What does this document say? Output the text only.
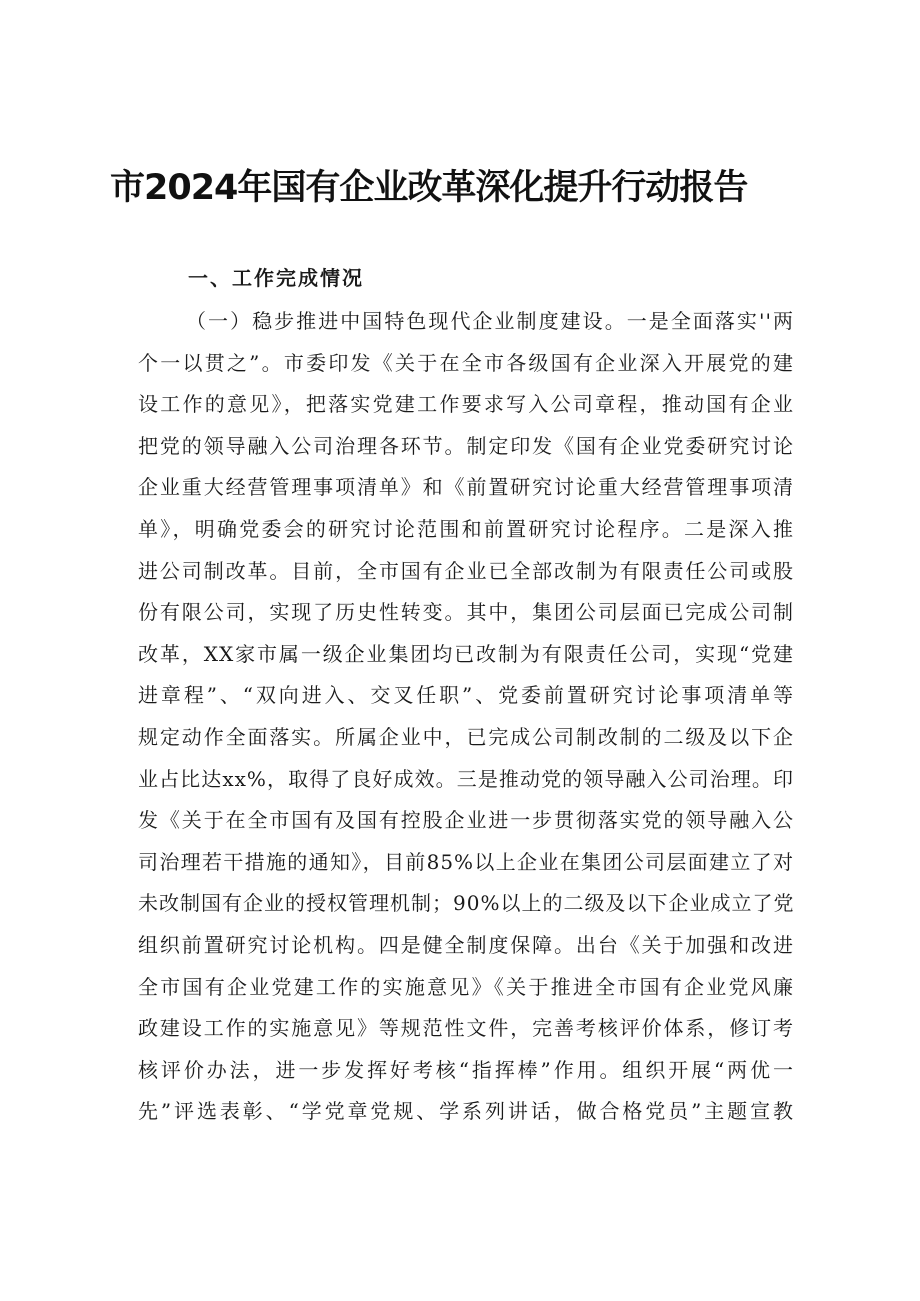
市2024年国有企业改革深化提升行动报告
一、工作完成情况
（一）稳步推进中国特色现代企业制度建设。一是全面落实''两
个一以贯之”。市委印发《关于在全市各级国有企业深入开展党的建
设工作的意见》，把落实党建工作要求写入公司章程，推动国有企业
把党的领导融入公司治理各环节。制定印发《国有企业党委研究讨论
企业重大经营管理事项清单》和《前置研究讨论重大经营管理事项清
单》，明确党委会的研究讨论范围和前置研究讨论程序。二是深入推
进公司制改革。目前，全市国有企业已全部改制为有限责任公司或股
份有限公司，实现了历史性转变。其中，集团公司层面已完成公司制
改革，XX家市属一级企业集团均已改制为有限责任公司，实现“党建
进章程”、“双向进入、交叉任职”、党委前置研究讨论事项清单等
规定动作全面落实。所属企业中，已完成公司制改制的二级及以下企
业占比达xx%，取得了良好成效。三是推动党的领导融入公司治理。印
发《关于在全市国有及国有控股企业进一步贯彻落实党的领导融入公
司治理若干措施的通知》，目前85%以上企业在集团公司层面建立了对
未改制国有企业的授权管理机制；90%以上的二级及以下企业成立了党
组织前置研究讨论机构。四是健全制度保障。出台《关于加强和改进
全市国有企业党建工作的实施意见》《关于推进全市国有企业党风廉
政建设工作的实施意见》等规范性文件，完善考核评价体系，修订考
核评价办法，进一步发挥好考核“指挥棒”作用。组织开展“两优一
先”评选表彰、“学党章党规、学系列讲话，做合格党员”主题宣教
